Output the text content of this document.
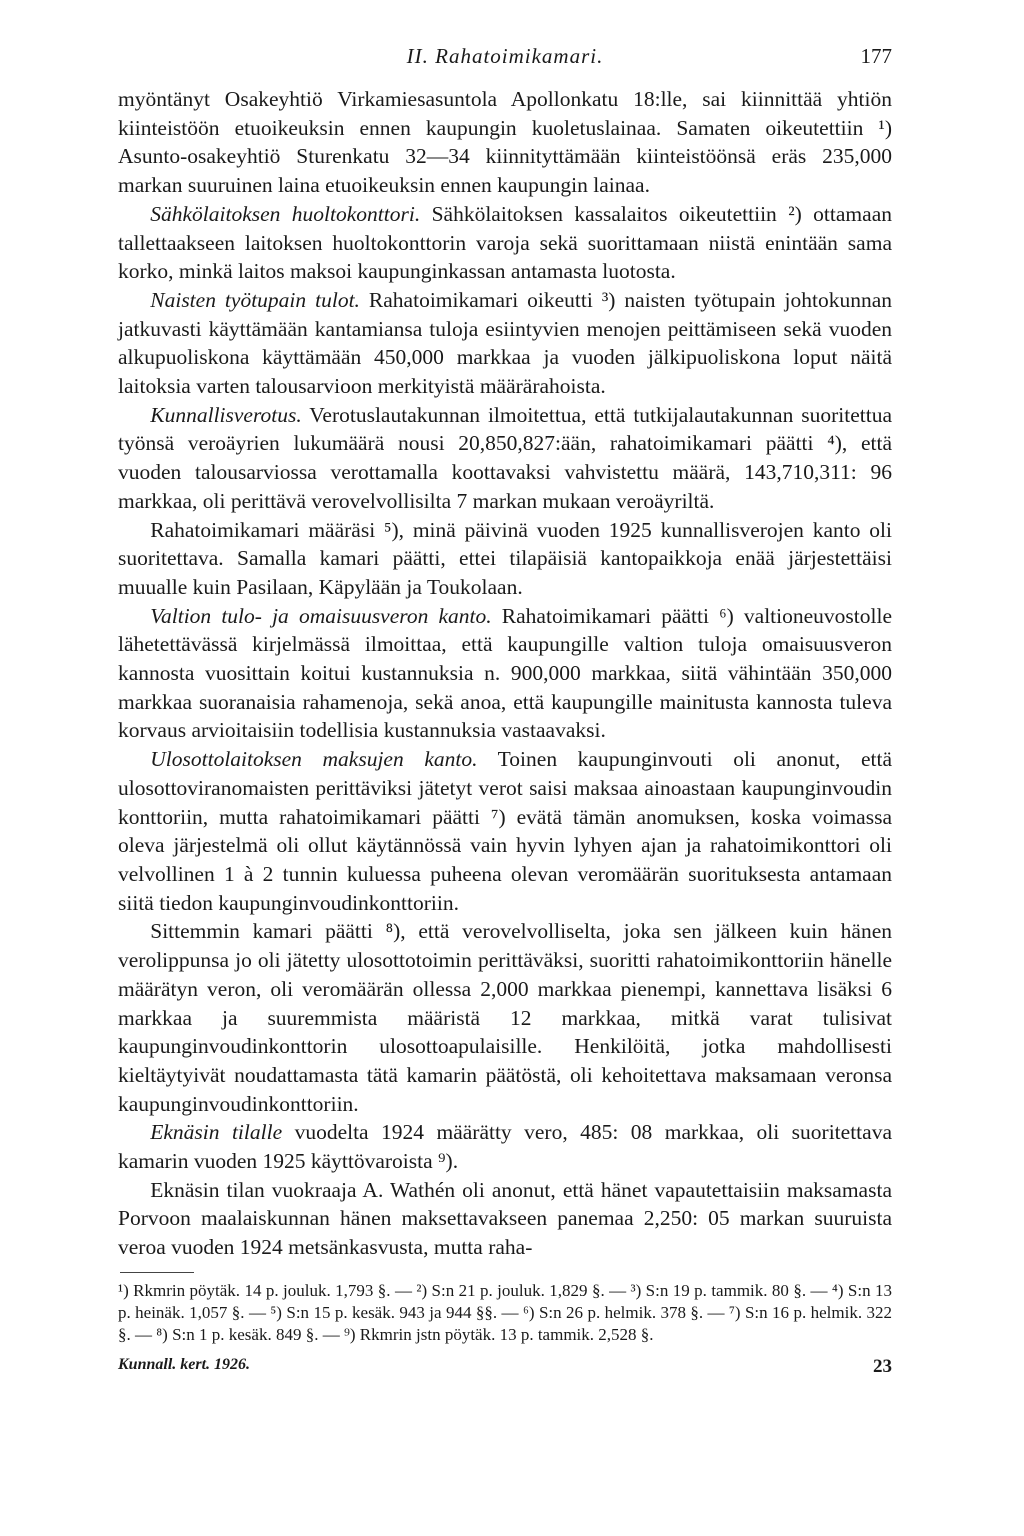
II. Rahatoimikamari.	177

myöntänyt Osakeyhtiö Virkamiesasuntola Apollonkatu 18:lle, sai kiinnittää yhtiön kiinteistöön etuoikeuksin ennen kaupungin kuoletuslainaa. Samaten oikeutettiin ¹) Asunto-osakeyhtiö Sturenkatu 32—34 kiinnityttämään kiinteistöönsä eräs 235,000 markan suuruinen laina etuoikeuksin ennen kaupungin lainaa.

  Sähkölaitoksen huoltokonttori. Sähkölaitoksen kassalaitos oikeutettiin ²) ottamaan tallettaakseen laitoksen huoltokonttorin varoja sekä suorittamaan niistä enintään sama korko, minkä laitos maksoi kaupunginkassan antamasta luotosta.

  Naisten työtupain tulot. Rahatoimikamari oikeutti ³) naisten työtupain johtokunnan jatkuvasti käyttämään kantamiansa tuloja esiintyvien menojen peittämiseen sekä vuoden alkupuoliskona käyttämään 450,000 markkaa ja vuoden jälkipuoliskona loput näitä laitoksia varten talousarvioon merkityistä määrärahoista.

  Kunnallisverotus. Verotuslautakunnan ilmoitettua, että tutkijalautakunnan suoritettua työnsä veroäyrien lukumäärä nousi 20,850,827:ään, rahatoimikamari päätti ⁴), että vuoden talousarviossa verottamalla koottavaksi vahvistettu määrä, 143,710,311: 96 markkaa, oli perittävä verovelvollisilta 7 markan mukaan veroäyriltä.

  Rahatoimikamari määräsi ⁵), minä päivinä vuoden 1925 kunnallisverojen kanto oli suoritettava. Samalla kamari päätti, ettei tilapäisiä kantopaikkoja enää järjestettäisi muualle kuin Pasilaan, Käpylään ja Toukolaan.

  Valtion tulo- ja omaisuusveron kanto. Rahatoimikamari päätti ⁶) valtioneuvostolle lähetettävässä kirjelmässä ilmoittaa, että kaupungille valtion tuloja omaisuusveron kannosta vuosittain koitui kustannuksia n. 900,000 markkaa, siitä vähintään 350,000 markkaa suoranaisia rahamenoja, sekä anoa, että kaupungille mainitusta kannosta tuleva korvaus arvioitaisiin todellisia kustannuksia vastaavaksi.

  Ulosottolaitoksen maksujen kanto. Toinen kaupunginvouti oli anonut, että ulosottoviranomaisten perittäviksi jätetyt verot saisi maksaa ainoastaan kaupunginvoudin konttoriin, mutta rahatoimikamari päätti ⁷) evätä tämän anomuksen, koska voimassa oleva järjestelmä oli ollut käytännössä vain hyvin lyhyen ajan ja rahatoimikonttori oli velvollinen 1 à 2 tunnin kuluessa puheena olevan veromäärän suorituksesta antamaan siitä tiedon kaupunginvoudinkonttoriin.

  Sittemmin kamari päätti ⁸), että verovelvolliselta, joka sen jälkeen kuin hänen verolippunsa jo oli jätetty ulosottotoimin perittäväksi, suoritti rahatoimikonttoriin hänelle määrätyn veron, oli veromäärän ollessa 2,000 markkaa pienempi, kannettava lisäksi 6 markkaa ja suuremmista määristä 12 markkaa, mitkä varat tulisivat kaupunginvoudinkonttorin ulosottoapulaisille. Henkilöitä, jotka mahdollisesti kieltäytyivät noudattamasta tätä kamarin päätöstä, oli kehoitettava maksamaan veronsa kaupunginvoudinkonttoriin.

  Eknäsin tilalle vuodelta 1924 määrätty vero, 485: 08 markkaa, oli suoritettava kamarin vuoden 1925 käyttövaroista ⁹).

  Eknäsin tilan vuokraaja A. Wathén oli anonut, että hänet vapautettaisiin maksamasta Porvoon maalaiskunnan hänen maksettavakseen panemaa 2,250: 05 markan suuruista veroa vuoden 1924 metsänkasvusta, mutta raha-

¹) Rkmrin pöytäk. 14 p. jouluk. 1,793 §. — ²) S:n 21 p. jouluk. 1,829 §. — ³) S:n 19 p. tammik. 80 §. — ⁴) S:n 13 p. heinäk. 1,057 §. — ⁵) S:n 15 p. kesäk. 943 ja 944 §§. — ⁶) S:n 26 p. helmik. 378 §. — ⁷) S:n 16 p. helmik. 322 §. — ⁸) S:n 1 p. kesäk. 849 §. — ⁹) Rkmrin jstn pöytäk. 13 p. tammik. 2,528 §.
Kunnall. kert. 1926.	23
